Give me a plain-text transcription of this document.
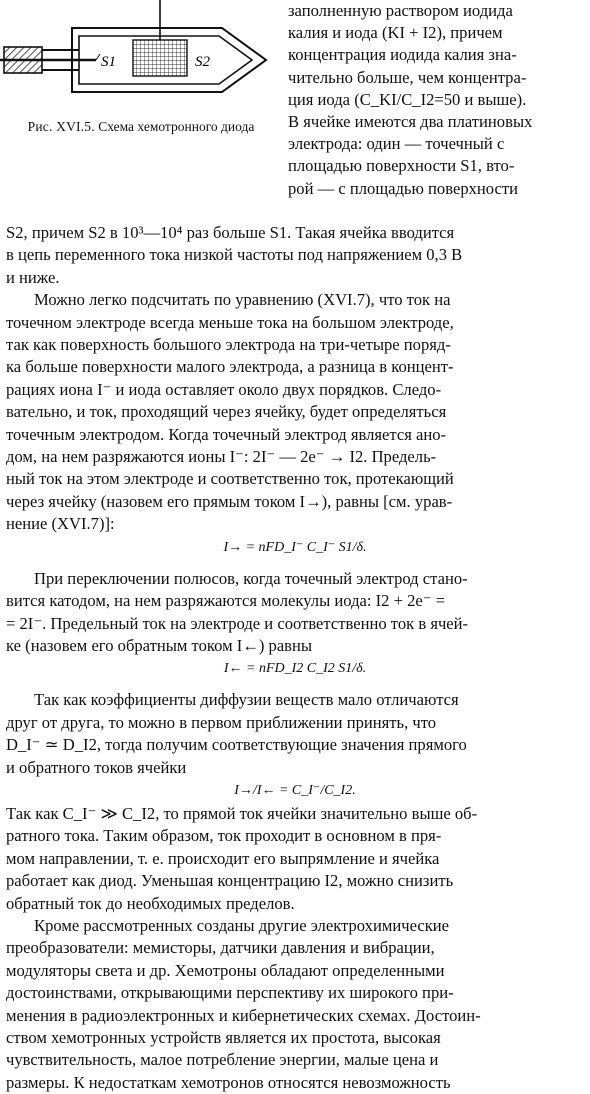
S1	S2
Рис. XVI.5. Схема хемотронного диода
заполненную раствором иодида
калия и иода (KI + I2), причем
концентрация иодида калия зна-
чительно больше, чем концентра-
ция иода (C_KI/C_I2=50 и выше).
В ячейке имеются два платиновых
электрода: один — точечный с
площадью поверхности S1, вто-
рой — с площадью поверхности
S2, причем S2 в 10³—10⁴ раз больше S1. Такая ячейка вводится
в цепь переменного тока низкой частоты под напряжением 0,3 В
и ниже.
Можно легко подсчитать по уравнению (XVI.7), что ток на
точечном электроде всегда меньше тока на большом электроде,
так как поверхность большого электрода на три-четыре поряд-
ка больше поверхности малого электрода, а разница в концент-
рациях иона I⁻ и иода оставляет около двух порядков. Следо-
вательно, и ток, проходящий через ячейку, будет определяться
точечным электродом. Когда точечный электрод является ано-
дом, на нем разряжаются ионы I⁻: 2I⁻ — 2e⁻ → I2. Предель-
ный ток на этом электроде и соответственно ток, протекающий
через ячейку (назовем его прямым током I→), равны [см. урав-
нение (XVI.7)]:
I→ = nFD_I⁻ C_I⁻ S1/δ.
При переключении полюсов, когда точечный электрод стано-
вится катодом, на нем разряжаются молекулы иода: I2 + 2e⁻ =
= 2I⁻. Предельный ток на электроде и соответственно ток в ячей-
ке (назовем его обратным током I←) равны
I← = nFD_I2 C_I2 S1/δ.
Так как коэффициенты диффузии веществ мало отличаются
друг от друга, то можно в первом приближении принять, что
D_I⁻ ≃ D_I2, тогда получим соответствующие значения прямого
и обратного токов ячейки
I→/I← = C_I⁻/C_I2.
Так как C_I⁻ ≫ C_I2, то прямой ток ячейки значительно выше об-
ратного тока. Таким образом, ток проходит в основном в пря-
мом направлении, т. е. происходит его выпрямление и ячейка
работает как диод. Уменьшая концентрацию I2, можно снизить
обратный ток до необходимых пределов.
Кроме рассмотренных созданы другие электрохимические
преобразователи: мемисторы, датчики давления и вибрации,
модуляторы света и др. Хемотроны обладают определенными
достоинствами, открывающими перспективу их широкого при-
менения в радиоэлектронных и кибернетических схемах. Достоин-
ством хемотронных устройств является их простота, высокая
чувствительность, малое потребление энергии, малые цена и
размеры. К недостаткам хемотронов относятся невозможность
